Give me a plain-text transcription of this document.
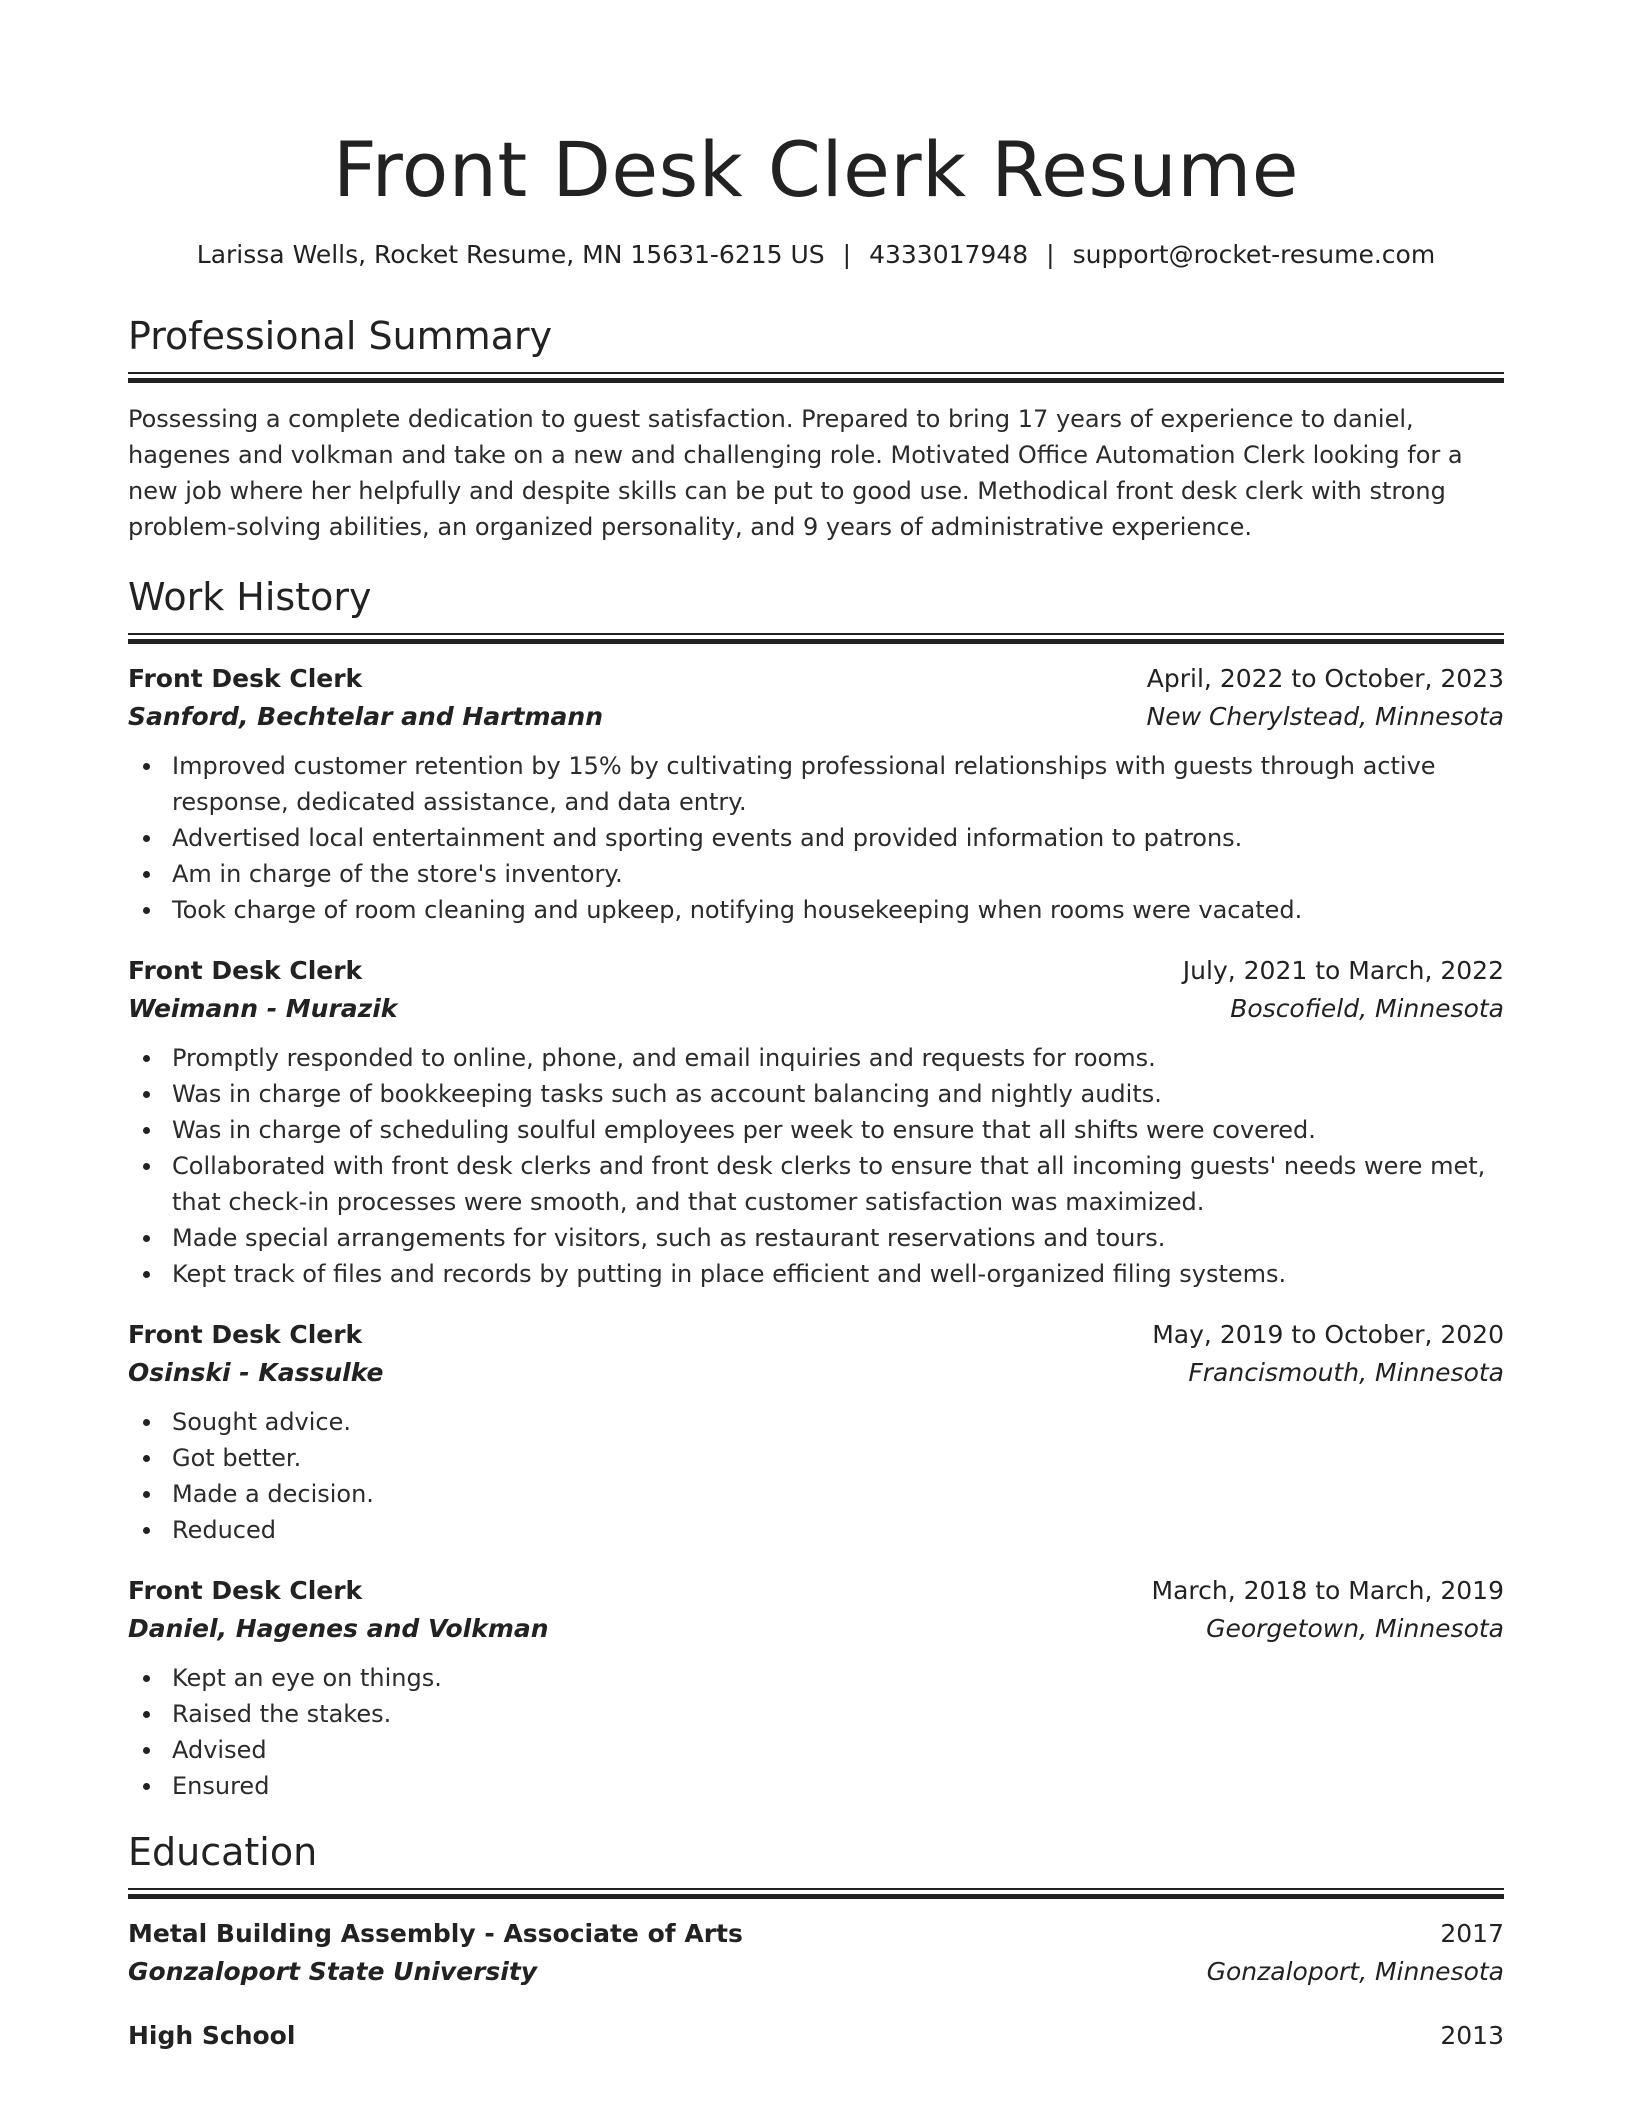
Front Desk Clerk Resume
Larissa Wells, Rocket Resume, MN 15631-6215 US | 4333017948 | support@rocket-resume.com
Professional Summary

Possessing a complete dedication to guest satisfaction. Prepared to bring 17 years of experience to daniel, hagenes and volkman and take on a new and challenging role. Motivated Office Automation Clerk looking for a new job where her helpfully and despite skills can be put to good use. Methodical front desk clerk with strong problem-solving abilities, an organized personality, and 9 years of administrative experience.

Work History
Front Desk Clerk	April, 2022 to October, 2023
Sanford, Bechtelar and Hartmann	New Cherylstead, Minnesota
Improved customer retention by 15% by cultivating professional relationships with guests through active response, dedicated assistance, and data entry.
Advertised local entertainment and sporting events and provided information to patrons.
Am in charge of the store's inventory.
Took charge of room cleaning and upkeep, notifying housekeeping when rooms were vacated.
Front Desk Clerk	July, 2021 to March, 2022
Weimann - Murazik	Boscofield, Minnesota
Promptly responded to online, phone, and email inquiries and requests for rooms.
Was in charge of bookkeeping tasks such as account balancing and nightly audits.
Was in charge of scheduling soulful employees per week to ensure that all shifts were covered.
Collaborated with front desk clerks and front desk clerks to ensure that all incoming guests' needs were met, that check-in processes were smooth, and that customer satisfaction was maximized.
Made special arrangements for visitors, such as restaurant reservations and tours.
Kept track of files and records by putting in place efficient and well-organized filing systems.
Front Desk Clerk	May, 2019 to October, 2020
Osinski - Kassulke	Francismouth, Minnesota
Sought advice.
Got better.
Made a decision.
Reduced
Front Desk Clerk	March, 2018 to March, 2019
Daniel, Hagenes and Volkman	Georgetown, Minnesota
Kept an eye on things.
Raised the stakes.
Advised
Ensured
Education
Metal Building Assembly - Associate of Arts	2017
Gonzaloport State University	Gonzaloport, Minnesota
High School	2013
